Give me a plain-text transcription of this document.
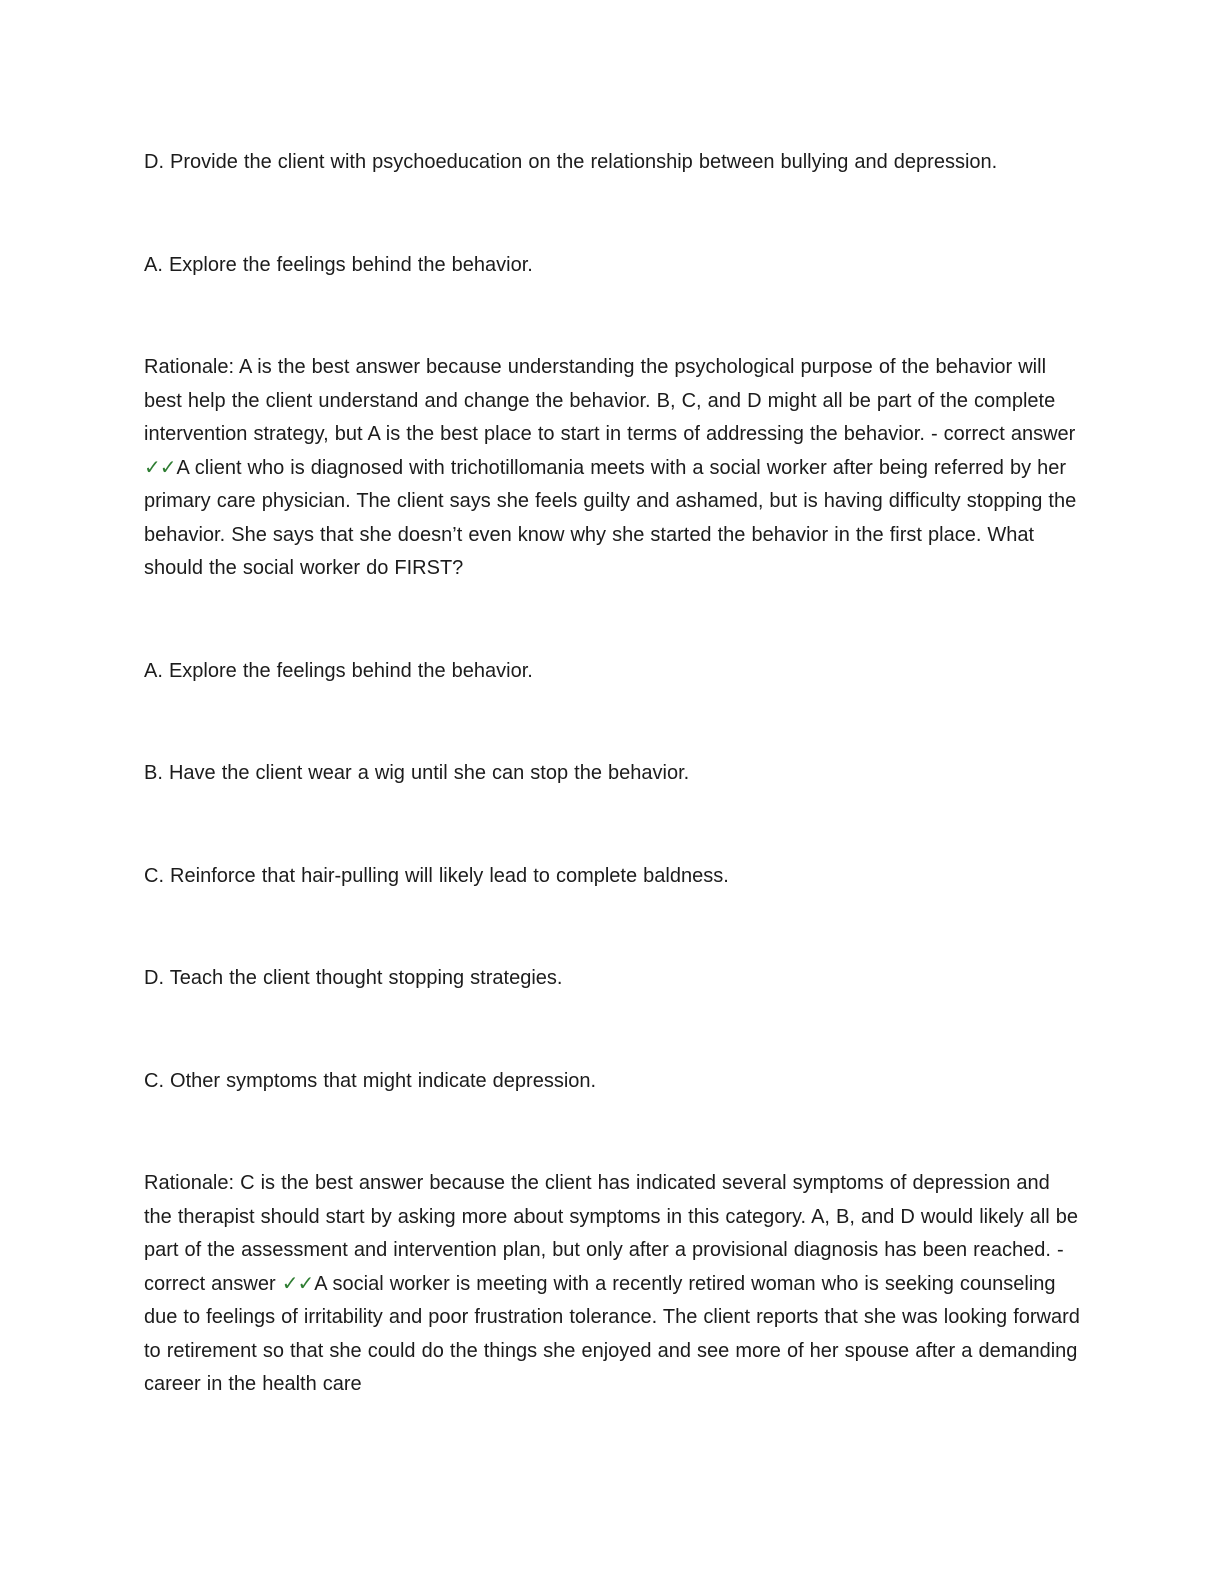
D. Provide the client with psychoeducation on the relationship between bullying and depression.

A. Explore the feelings behind the behavior.

Rationale: A is the best answer because understanding the psychological purpose of the behavior will best help the client understand and change the behavior. B, C, and D might all be part of the complete intervention strategy, but A is the best place to start in terms of addressing the behavior. - correct answer ✓✓A client who is diagnosed with trichotillomania meets with a social worker after being referred by her primary care physician. The client says she feels guilty and ashamed, but is having difficulty stopping the behavior. She says that she doesn’t even know why she started the behavior in the first place. What should the social worker do FIRST?

A. Explore the feelings behind the behavior.

B. Have the client wear a wig until she can stop the behavior.

C. Reinforce that hair-pulling will likely lead to complete baldness.

D. Teach the client thought stopping strategies.

C. Other symptoms that might indicate depression.

Rationale: C is the best answer because the client has indicated several symptoms of depression and the therapist should start by asking more about symptoms in this category. A, B, and D would likely all be part of the assessment and intervention plan, but only after a provisional diagnosis has been reached. - correct answer ✓✓A social worker is meeting with a recently retired woman who is seeking counseling due to feelings of irritability and poor frustration tolerance. The client reports that she was looking forward to retirement so that she could do the things she enjoyed and see more of her spouse after a demanding career in the health care
